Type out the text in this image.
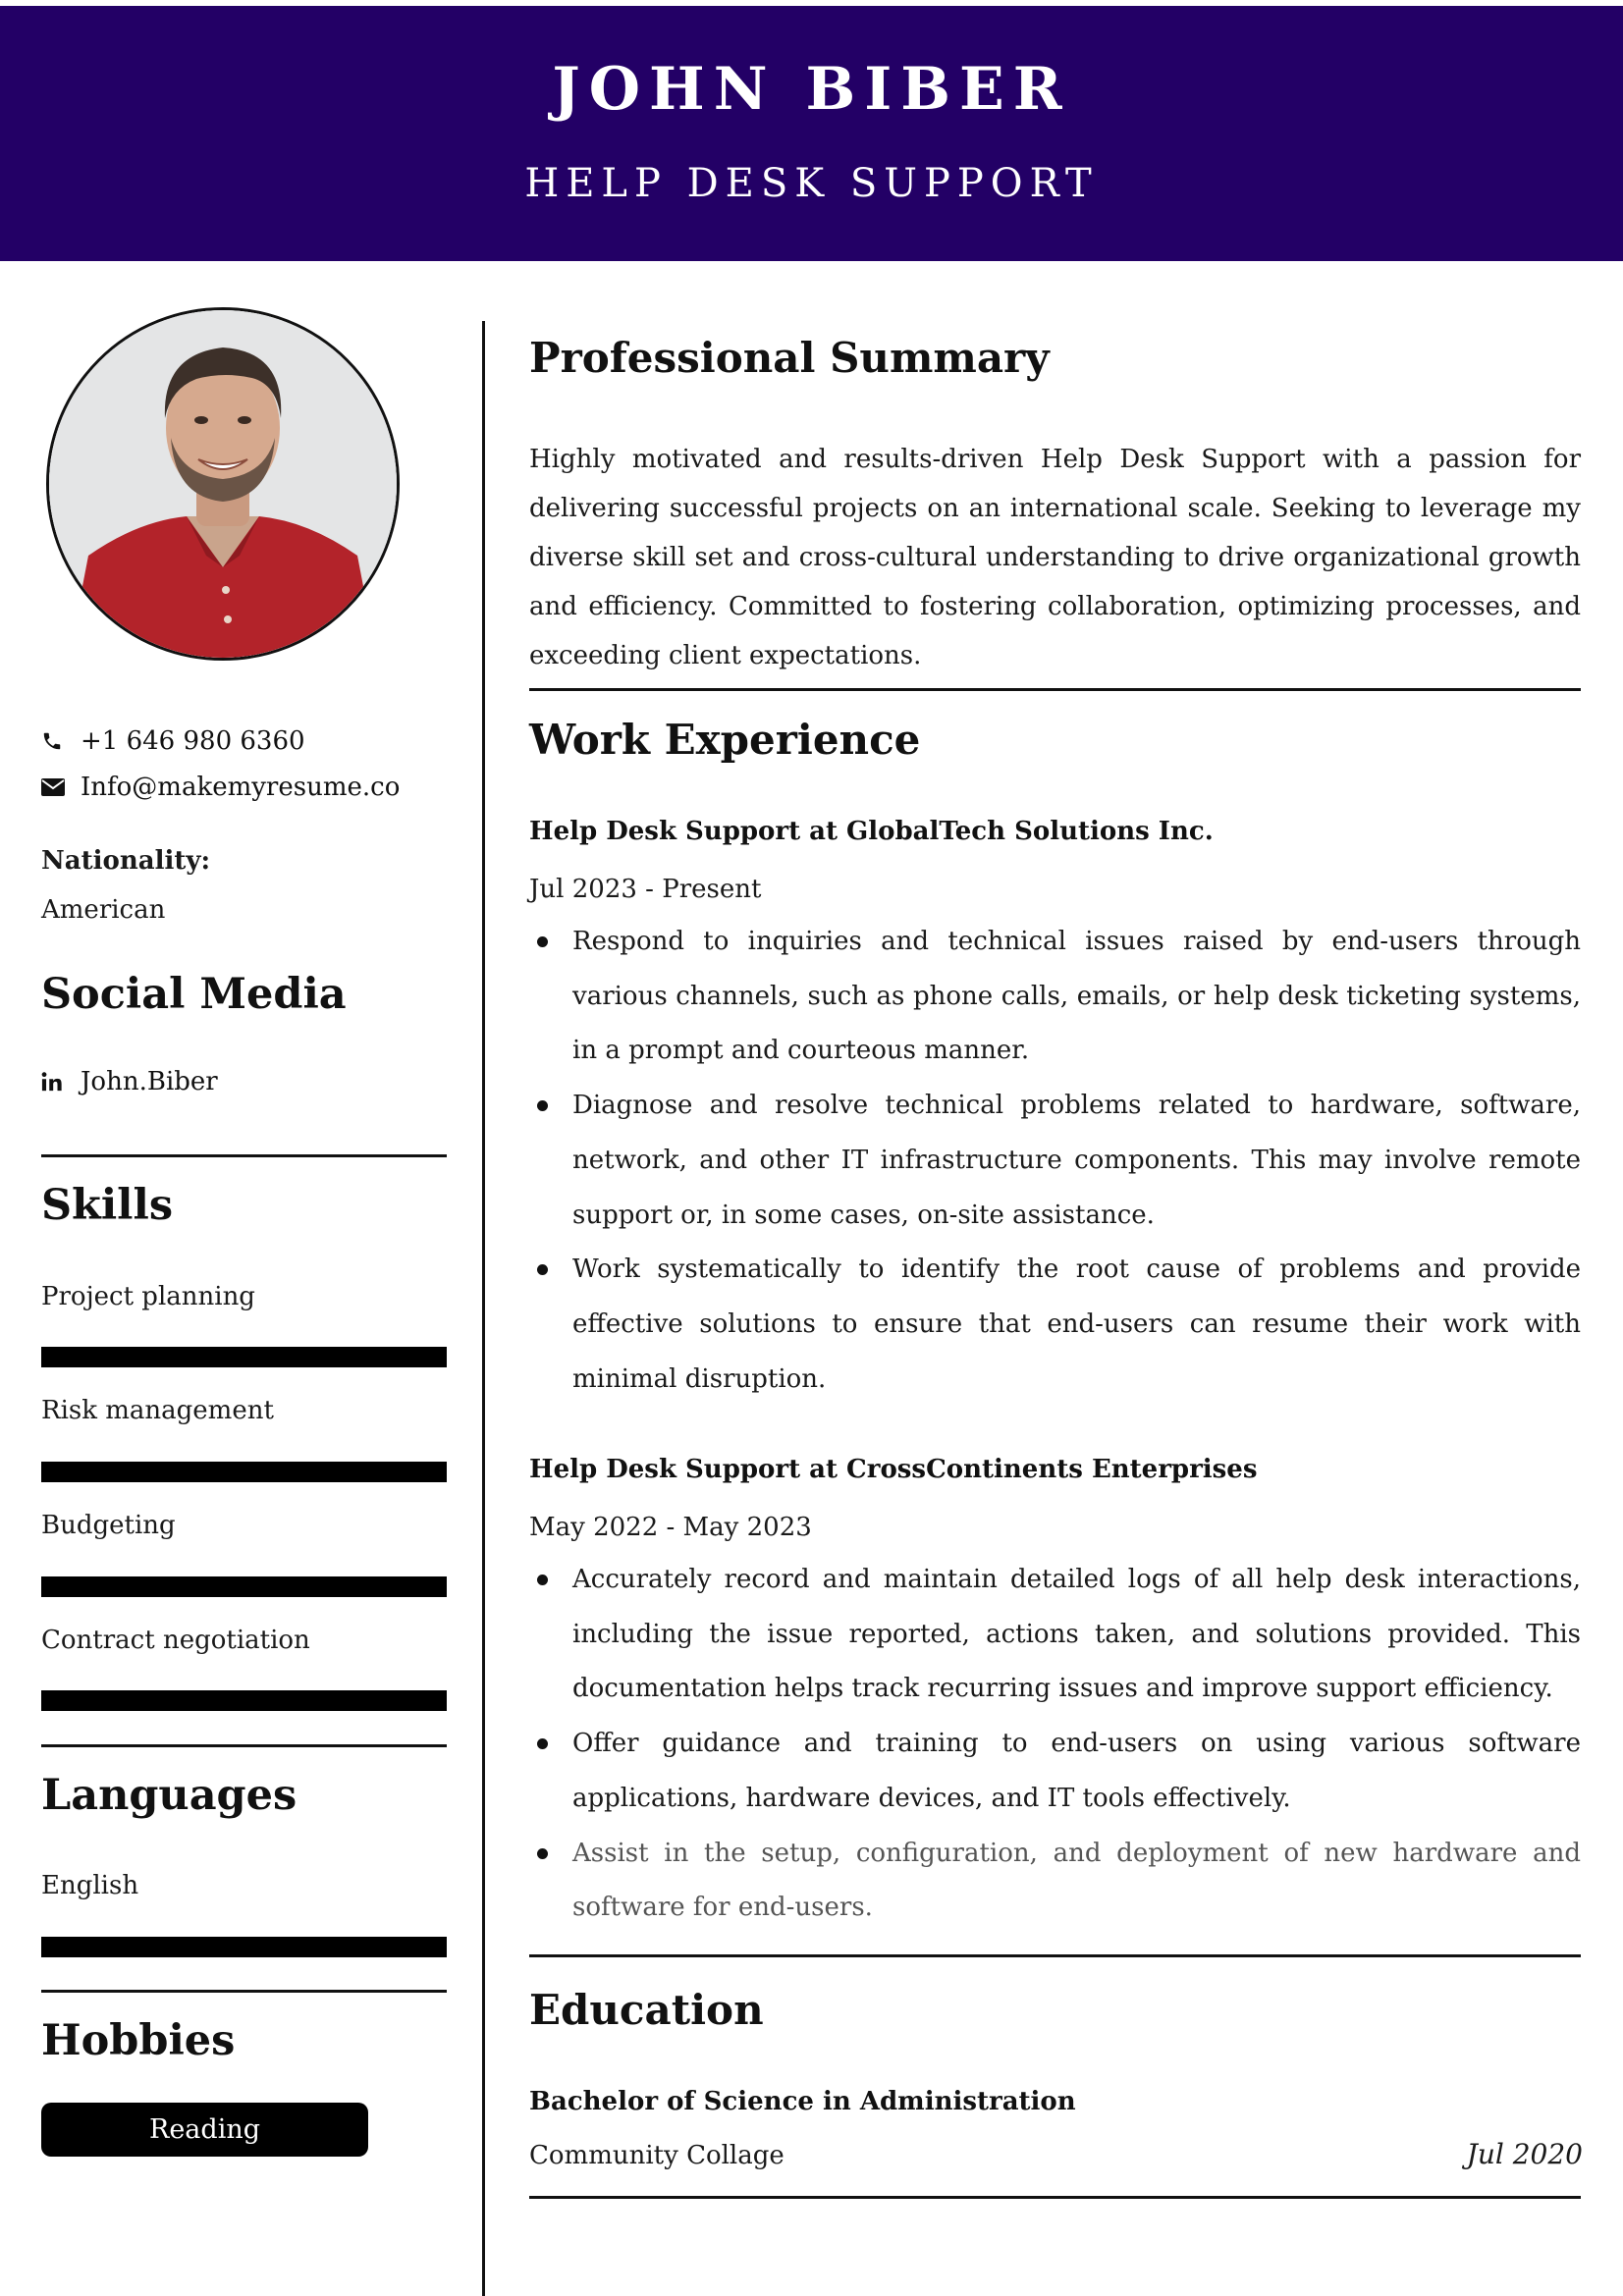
JOHN BIBER
HELP DESK SUPPORT
+1 646 980 6360
Info@makemyresume.co
Nationality:
American
Social Media
John.Biber
Skills
Project planning
Risk management
Budgeting
Contract negotiation
Languages
English
Hobbies
Reading
Professional Summary
Highly motivated and results-driven Help Desk Support with a passion for delivering successful projects on an international scale. Seeking to leverage my diverse skill set and cross-cultural understanding to drive organizational growth and efficiency. Committed to fostering collaboration, optimizing processes, and exceeding client expectations.
Work Experience
Help Desk Support at GlobalTech Solutions Inc.
Jul 2023 - Present
Respond to inquiries and technical issues raised by end-users through various channels, such as phone calls, emails, or help desk ticketing systems, in a prompt and courteous manner.
Diagnose and resolve technical problems related to hardware, software, network, and other IT infrastructure components. This may involve remote support or, in some cases, on-site assistance.
Work systematically to identify the root cause of problems and provide effective solutions to ensure that end-users can resume their work with minimal disruption.
Help Desk Support at CrossContinents Enterprises
May 2022 - May 2023
Accurately record and maintain detailed logs of all help desk interactions, including the issue reported, actions taken, and solutions provided. This documentation helps track recurring issues and improve support efficiency.
Offer guidance and training to end-users on using various software applications, hardware devices, and IT tools effectively.
Assist in the setup, configuration, and deployment of new hardware and software for end-users.
Education
Bachelor of Science in Administration
Community Collage	Jul 2020
